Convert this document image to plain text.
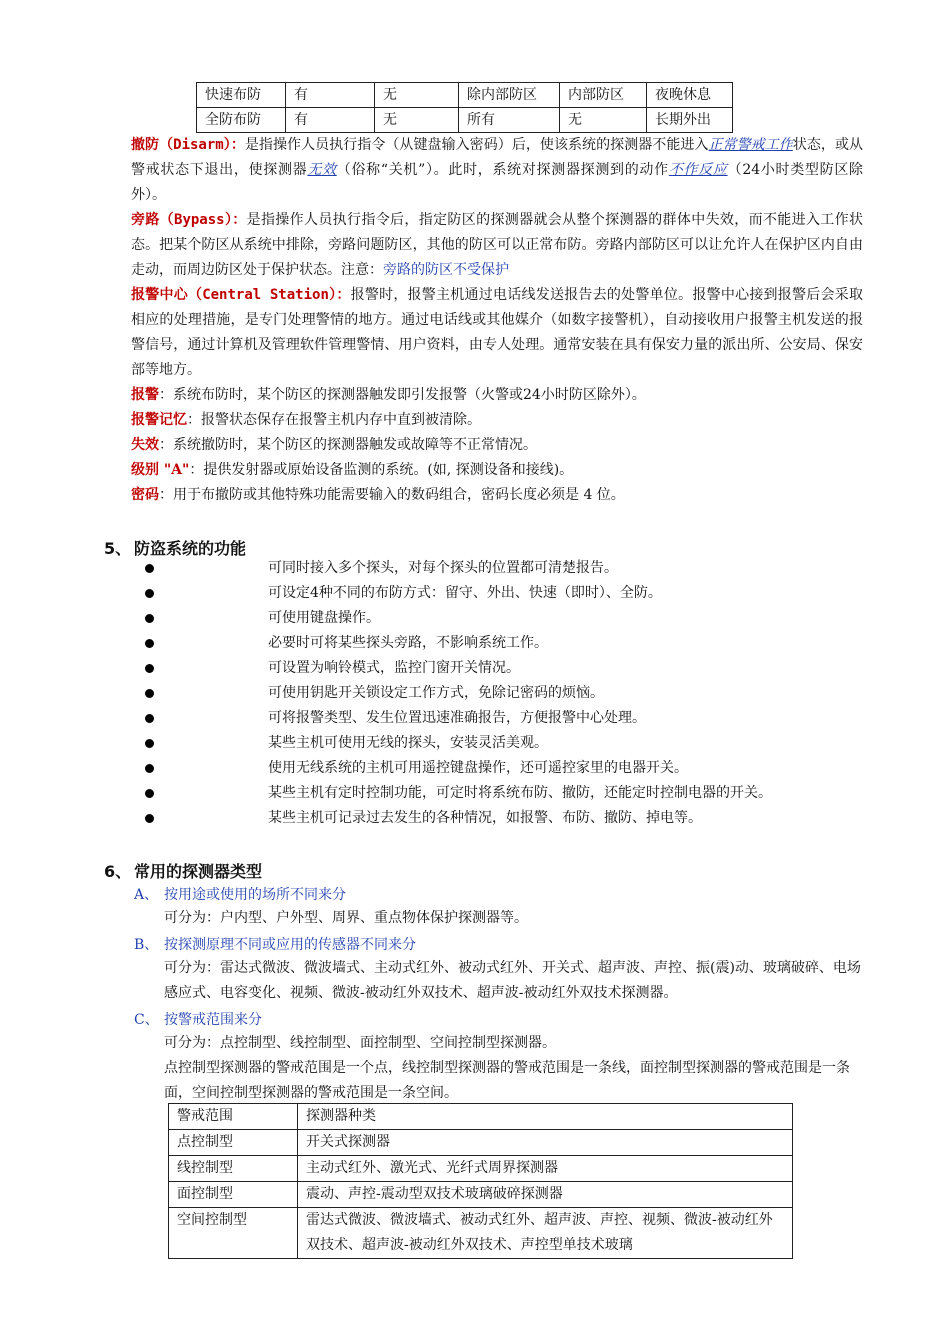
快速布防	有	无	除内部防区	内部防区	夜晚休息
全防布防	有	无	所有	无	长期外出
撤防（Disarm）：是指操作人员执行指令（从键盘输入密码）后，使该系统的探测器不能进入正常警戒工作状态，或从警戒状态下退出，使探测器无效（俗称“关机”）。此时，系统对探测器探测到的动作不作反应（24小时类型防区除外）。
旁路（Bypass）：是指操作人员执行指令后，指定防区的探测器就会从整个探测器的群体中失效，而不能进入工作状态。把某个防区从系统中排除，旁路问题防区，其他的防区可以正常布防。旁路内部防区可以让允许人在保护区内自由走动，而周边防区处于保护状态。注意：旁路的防区不受保护
报警中心（Central Station）：报警时，报警主机通过电话线发送报告去的处警单位。报警中心接到报警后会采取相应的处理措施，是专门处理警情的地方。通过电话线或其他媒介（如数字接警机），自动接收用户报警主机发送的报警信号，通过计算机及管理软件管理警情、用户资料，由专人处理。通常安装在具有保安力量的派出所、公安局、保安部等地方。
报警：系统布防时，某个防区的探测器触发即引发报警（火警或24小时防区除外）。
报警记忆：报警状态保存在报警主机内存中直到被清除。
失效：系统撤防时，某个防区的探测器触发或故障等不正常情况。
级别 "A"：提供发射器或原始设备监测的系统。(如, 探测设备和接线)。
密码：用于布撤防或其他特殊功能需要输入的数码组合，密码长度必须是 4 位。
5、 防盗系统的功能
可同时接入多个探头，对每个探头的位置都可清楚报告。
可设定4种不同的布防方式：留守、外出、快速（即时）、全防。
可使用键盘操作。
必要时可将某些探头旁路，不影响系统工作。
可设置为响铃模式，监控门窗开关情况。
可使用钥匙开关锁设定工作方式，免除记密码的烦恼。
可将报警类型、发生位置迅速准确报告，方便报警中心处理。
某些主机可使用无线的探头，安装灵活美观。
使用无线系统的主机可用遥控键盘操作，还可遥控家里的电器开关。
某些主机有定时控制功能，可定时将系统布防、撤防，还能定时控制电器的开关。
某些主机可记录过去发生的各种情况，如报警、布防、撤防、掉电等。
6、 常用的探测器类型
A、 按用途或使用的场所不同来分
可分为：户内型、户外型、周界、重点物体保护探测器等。
B、 按探测原理不同或应用的传感器不同来分
可分为：雷达式微波、微波墙式、主动式红外、被动式红外、开关式、超声波、声控、振(震)动、玻璃破碎、电场感应式、电容变化、视频、微波-被动红外双技术、超声波-被动红外双技术探测器。
C、 按警戒范围来分
可分为：点控制型、线控制型、面控制型、空间控制型探测器。
点控制型探测器的警戒范围是一个点，线控制型探测器的警戒范围是一条线，面控制型探测器的警戒范围是一条面，空间控制型探测器的警戒范围是一条空间。
警戒范围	探测器种类
点控制型	开关式探测器
线控制型	主动式红外、激光式、光纤式周界探测器
面控制型	震动、声控-震动型双技术玻璃破碎探测器
空间控制型	雷达式微波、微波墙式、被动式红外、超声波、声控、视频、微波-被动红外双技术、超声波-被动红外双技术、声控型单技术玻璃
